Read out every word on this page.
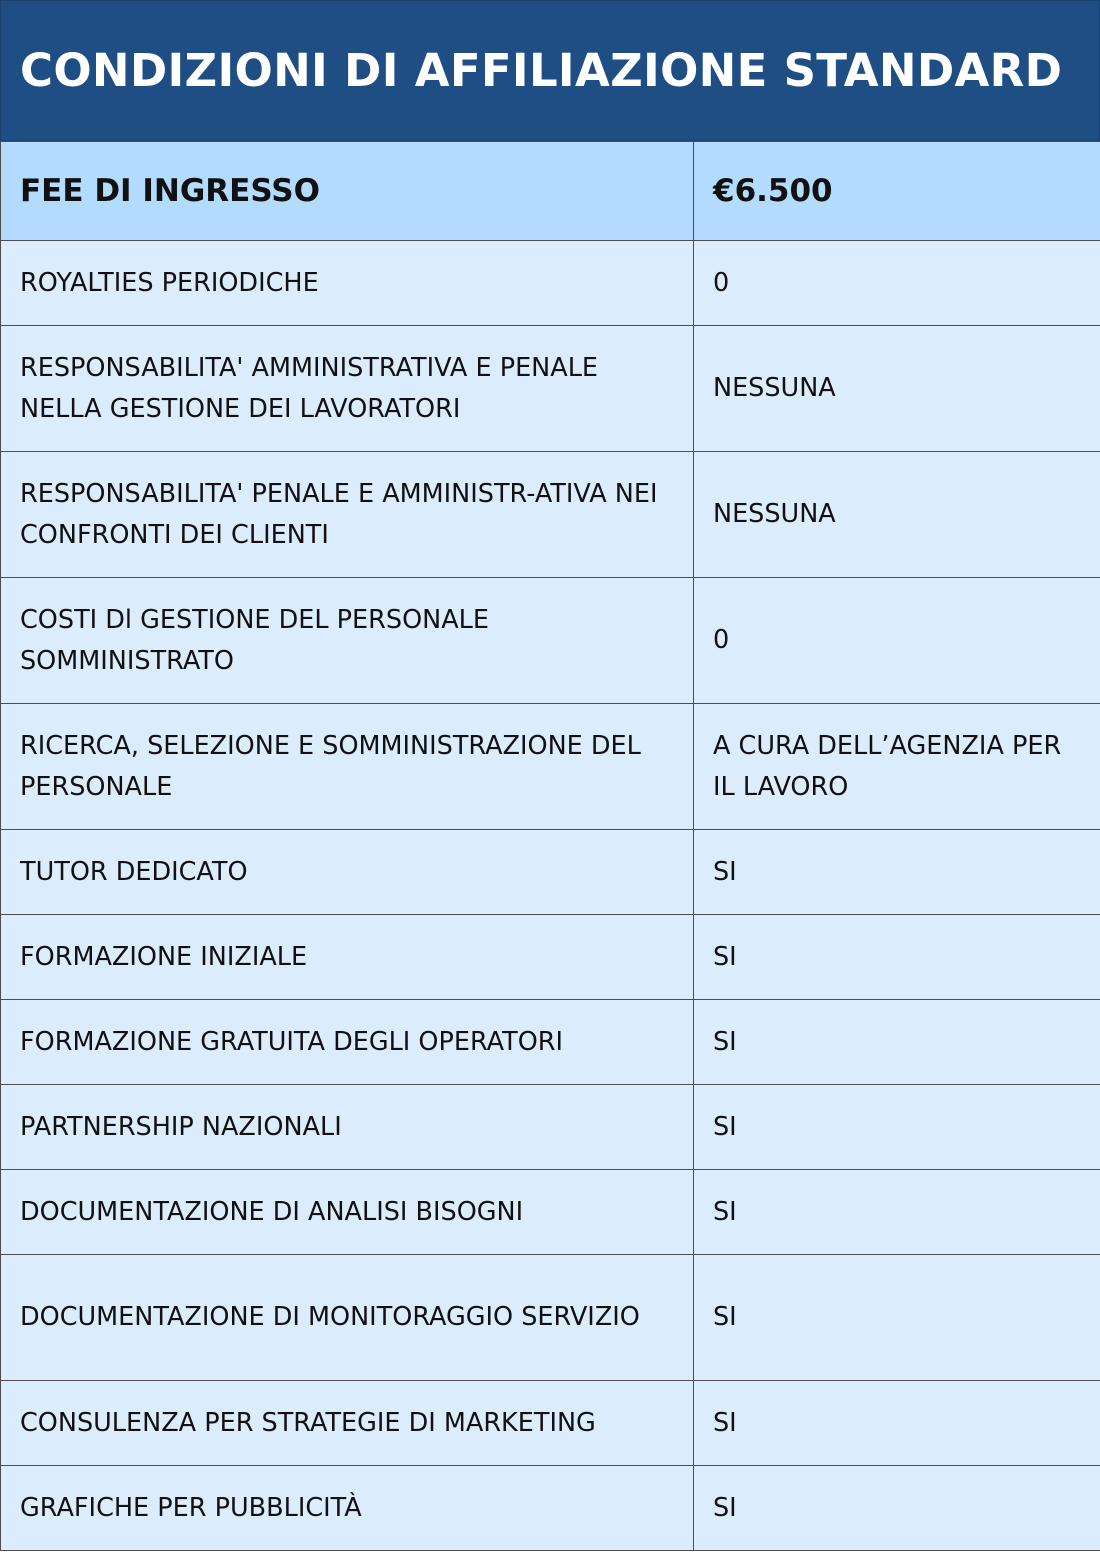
CONDIZIONI DI AFFILIAZIONE STANDARD
FEE DI INGRESSO	€6.500
ROYALTIES PERIODICHE	0
RESPONSABILITA' AMMINISTRATIVA E PENALE NELLA GESTIONE DEI LAVORATORI	NESSUNA
RESPONSABILITA' PENALE E AMMINISTR-ATIVA NEI CONFRONTI DEI CLIENTI	NESSUNA
COSTI Dl GESTIONE DEL PERSONALE SOMMINISTRATO	0
RICERCA, SELEZIONE E SOMMINISTRAZIONE DEL PERSONALE	A CURA DELL’AGENZIA PER IL LAVORO
TUTOR DEDICATO	SI
FORMAZIONE INIZIALE	SI
FORMAZIONE GRATUITA DEGLI OPERATORI	SI
PARTNERSHIP NAZIONALI	SI
DOCUMENTAZIONE DI ANALISI BISOGNI	SI
DOCUMENTAZIONE DI MONITORAGGIO SERVIZIO	SI
CONSULENZA PER STRATEGIE DI MARKETING	SI
GRAFICHE PER PUBBLICITÀ	SI
